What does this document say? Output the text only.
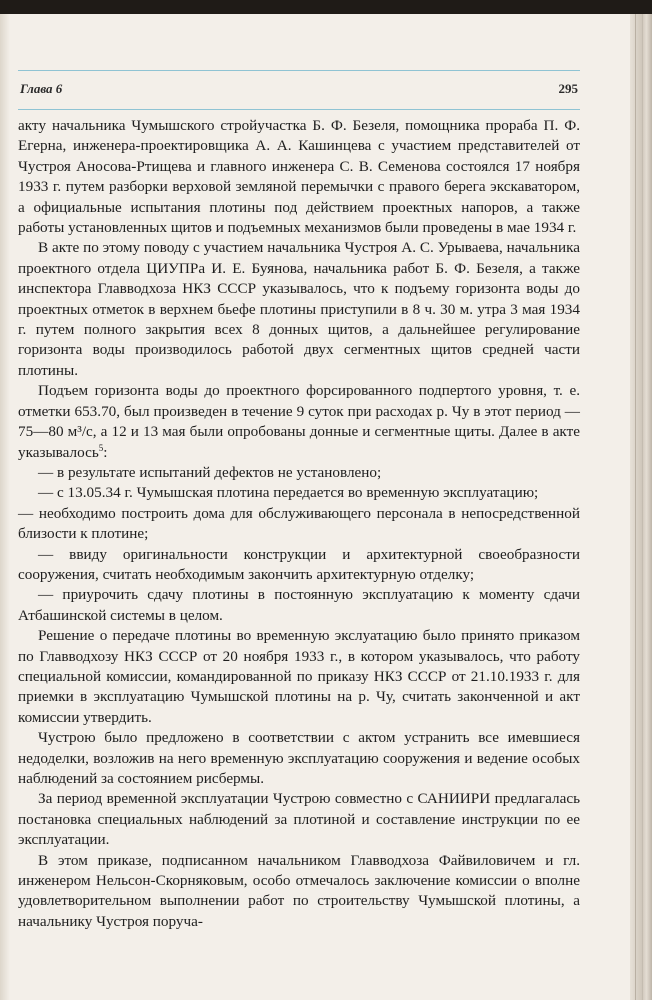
Глава 6	295

актy начальника Чумышского стройучастка Б. Ф. Безеля, помощника прораба П. Ф. Егерна, инженера-проектировщика А. А. Кашинцева с участием представителей от Чустроя Аносова-Ртищева и главного инженера С. В. Семенова состоялся 17 ноября 1933 г. путем разборки верховой земляной перемычки с правого берега экскаватором, а официальные испытания плотины под действием проектных напоров, а также работы установленных щитов и подъемных механизмов были проведены в мае 1934 г.

В акте по этому поводу с участием начальника Чустроя А. С. Урываева, начальника проектного отдела ЦИУПРа И. Е. Буянова, начальника работ Б. Ф. Безеля, а также инспектора Главводхоза НКЗ СССР указывалось, что к подъему горизонта воды до проектных отметок в верхнем бьефе плотины приступили в 8 ч. 30 м. утра 3 мая 1934 г. путем полного закрытия всех 8 донных щитов, а дальнейшее регулирование горизонта воды производилось работой двух сегментных щитов средней части плотины.

Подъем горизонта воды до проектного форсированного подпертого уровня, т. е. отметки 653.70, был произведен в течение 9 суток при расходах р. Чу в этот период —75—80 м³/с, а 12 и 13 мая были опробованы донные и сегментные щиты. Далее в акте указывалось$^5$:

— в результате испытаний дефектов не установлено;

— с 13.05.34 г. Чумышская плотина передается во временную эксплуатацию;

— необходимо построить дома для обслуживающего персонала в непосредственной близости к плотине;

— ввиду оригинальности конструкции и архитектурной своеобразности сооружения, считать необходимым закончить архитектурную отделку;

— приурочить сдачу плотины в постоянную эксплуатацию к моменту сдачи Атбашинской системы в целом.

Решение о передаче плотины во временную экслуатацию было принято приказом по Главводхозу НКЗ СССР от 20 ноября 1933 г., в котором указывалось, что работу специальной комиссии, командированной по приказу НКЗ СССР от 21.10.1933 г. для приемки в эксплуатацию Чумышской плотины на р. Чу, считать законченной и акт комиссии утвердить.

Чустрою было предложено в соответствии с актом устранить все имевшиеся недоделки, возложив на него временную эксплуатацию сооружения и ведение особых наблюдений за состоянием рисбермы.

За период временной эксплуатации Чустрою совместно с САНИИРИ предлагалась постановка специальных наблюдений за плотиной и составление инструкции по ее эксплуатации.

В этом приказе, подписанном начальником Главводхоза Файвиловичем и гл. инженером Нельсон-Скорняковым, особо отмечалось заключение комиссии о вполне удовлетворительном выполнении работ по строительству Чумышской плотины, а начальнику Чустроя поруча-
